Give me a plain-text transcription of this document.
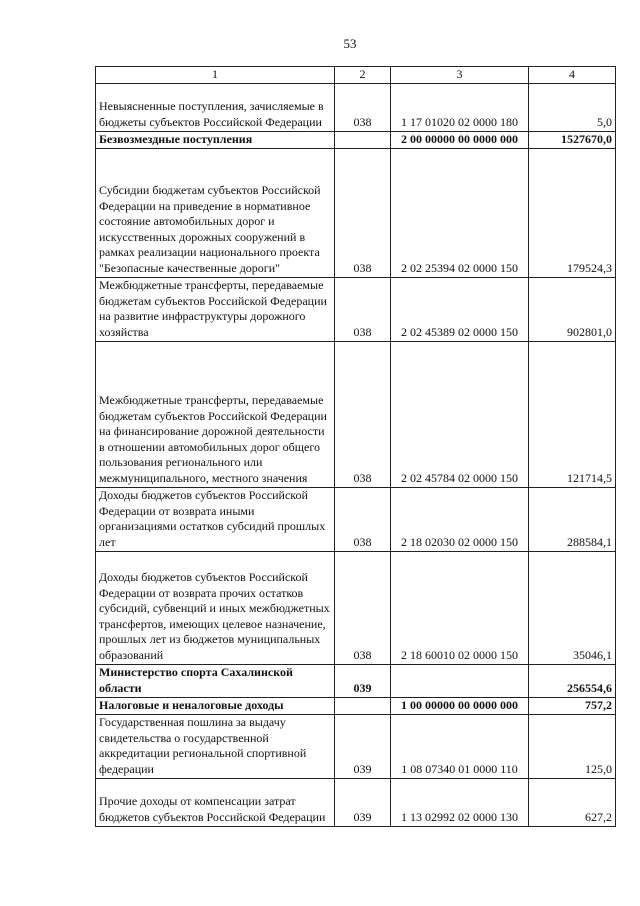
53
1	2	3	4
Невыясненные поступления, зачисляемые в бюджеты субъектов Российской Федерации	038	1 17 01020 02 0000 180	5,0
Безвозмездные поступления		2 00 00000 00 0000 000	1527670,0
Субсидии бюджетам субъектов Российской Федерации на приведение в нормативное состояние автомобильных дорог и искусственных дорожных сооружений в рамках реализации национального проекта "Безопасные качественные дороги"	038	2 02 25394 02 0000 150	179524,3
Межбюджетные трансферты, передаваемые бюджетам субъектов Российской Федерации на развитие инфраструктуры дорожного хозяйства	038	2 02 45389 02 0000 150	902801,0
Межбюджетные трансферты, передаваемые бюджетам субъектов Российской Федерации на финансирование дорожной деятельности в отношении автомобильных дорог общего пользования регионального или межмуниципального, местного значения	038	2 02 45784 02 0000 150	121714,5
Доходы бюджетов субъектов Российской Федерации от возврата иными организациями остатков субсидий прошлых лет	038	2 18 02030 02 0000 150	288584,1
Доходы бюджетов субъектов Российской Федерации от возврата прочих остатков субсидий, субвенций и иных межбюджетных трансфертов, имеющих целевое назначение, прошлых лет из бюджетов муниципальных образований	038	2 18 60010 02 0000 150	35046,1
Министерство спорта Сахалинской области	039		256554,6
Налоговые и неналоговые доходы		1 00 00000 00 0000 000	757,2
Государственная пошлина за выдачу свидетельства о государственной аккредитации региональной спортивной федерации	039	1 08 07340 01 0000 110	125,0
Прочие доходы от компенсации затрат бюджетов субъектов Российской Федерации	039	1 13 02992 02 0000 130	627,2
